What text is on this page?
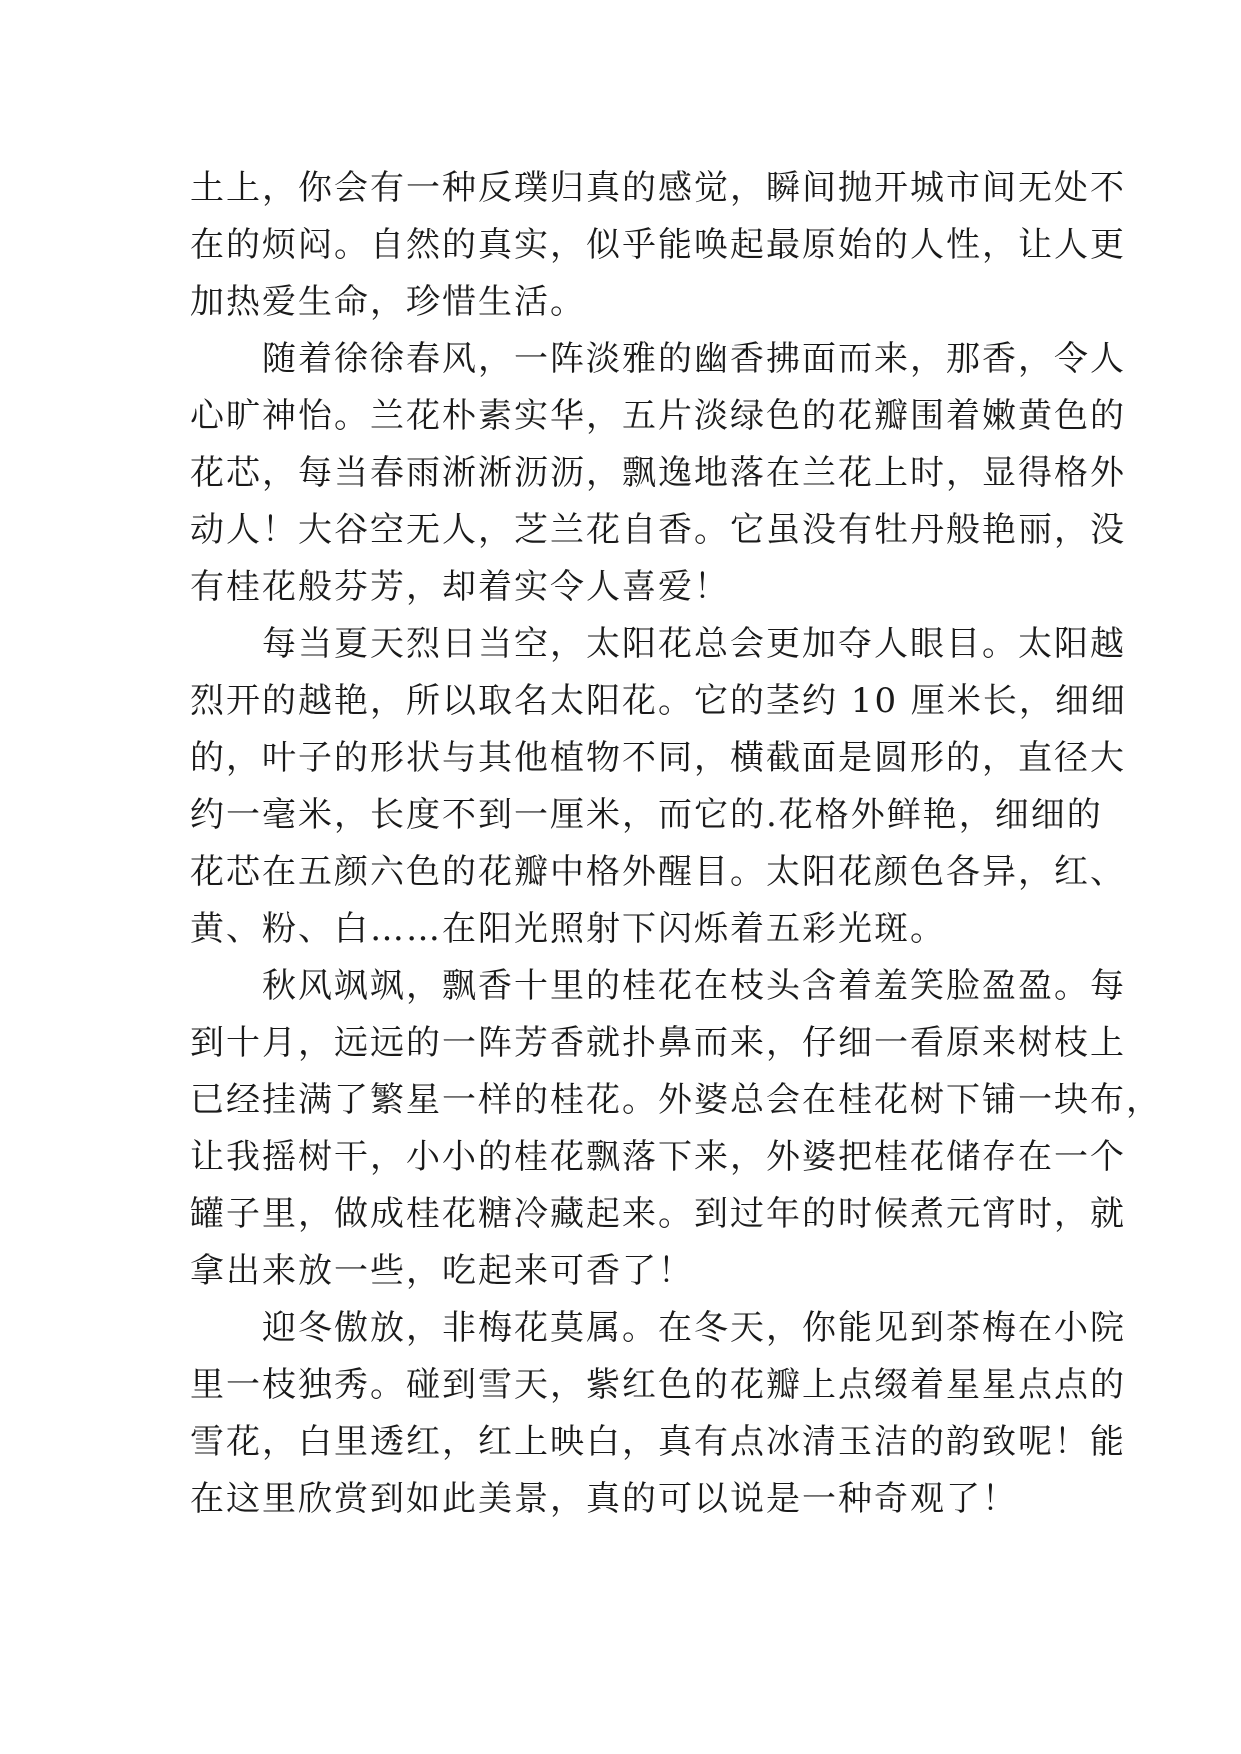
土上，你会有一种反璞归真的感觉，瞬间抛开城市间无处不
在的烦闷。自然的真实，似乎能唤起最原始的人性，让人更
加热爱生命，珍惜生活。

　　随着徐徐春风，一阵淡雅的幽香拂面而来，那香，令人
心旷神怡。兰花朴素实华，五片淡绿色的花瓣围着嫩黄色的
花芯，每当春雨淅淅沥沥，飘逸地落在兰花上时，显得格外
动人！大谷空无人，芝兰花自香。它虽没有牡丹般艳丽，没
有桂花般芬芳，却着实令人喜爱！

　　每当夏天烈日当空，太阳花总会更加夺人眼目。太阳越
烈开的越艳，所以取名太阳花。它的茎约 10 厘米长，细细
的，叶子的形状与其他植物不同，横截面是圆形的，直径大
约一毫米，长度不到一厘米，而它的.花格外鲜艳，细细的
花芯在五颜六色的花瓣中格外醒目。太阳花颜色各异，红、
黄、粉、白……在阳光照射下闪烁着五彩光斑。

　　秋风飒飒，飘香十里的桂花在枝头含着羞笑脸盈盈。每
到十月，远远的一阵芳香就扑鼻而来，仔细一看原来树枝上
已经挂满了繁星一样的桂花。外婆总会在桂花树下铺一块布，
让我摇树干，小小的桂花飘落下来，外婆把桂花储存在一个
罐子里，做成桂花糖冷藏起来。到过年的时候煮元宵时，就
拿出来放一些，吃起来可香了！

　　迎冬傲放，非梅花莫属。在冬天，你能见到茶梅在小院
里一枝独秀。碰到雪天，紫红色的花瓣上点缀着星星点点的
雪花，白里透红，红上映白，真有点冰清玉洁的韵致呢！能
在这里欣赏到如此美景，真的可以说是一种奇观了！
